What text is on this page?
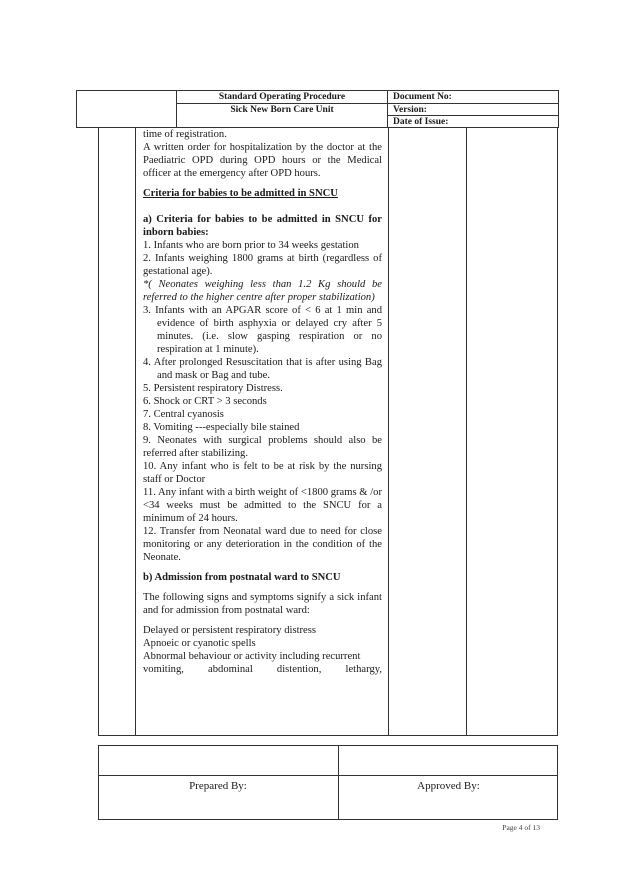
Standard Operating Procedure
Sick New Born Care Unit
Document No:
Version:
Date of Issue:

time of registration.

A written order for hospitalization by the doctor at the Paediatric OPD during OPD hours or the Medical officer at the emergency after OPD hours.

Criteria for babies to be admitted in SNCU

a) Criteria for babies to be admitted in SNCU for inborn babies:

1. Infants who are born prior to 34 weeks gestation

2. Infants weighing 1800 grams at birth (regardless of gestational age).

*( Neonates weighing less than 1.2 Kg should be referred to the higher centre after proper stabilization)

3. Infants with an APGAR score of < 6 at 1 min and evidence of birth asphyxia or delayed cry after 5 minutes. (i.e. slow gasping respiration or no respiration at 1 minute).

4. After prolonged Resuscitation that is after using Bag and mask or Bag and tube.

5. Persistent respiratory Distress.

6. Shock or CRT > 3 seconds

7. Central cyanosis

8. Vomiting ---especially bile stained

9. Neonates with surgical problems should also be referred after stabilizing.

10. Any infant who is felt to be at risk by the nursing staff or Doctor

11. Any infant with a birth weight of <1800 grams & /or <34 weeks must be admitted to the SNCU for a minimum of 24 hours.

12. Transfer from Neonatal ward due to need for close monitoring or any deterioration in the condition of the Neonate.

b) Admission from postnatal ward to SNCU

The following signs and symptoms signify a sick infant and for admission from postnatal ward:

Delayed or persistent respiratory distress

Apnoeic or cyanotic spells

Abnormal behaviour or activity including recurrent

vomiting, abdominal distention, lethargy,

Prepared By:	Approved By:
Page 4 of 13
